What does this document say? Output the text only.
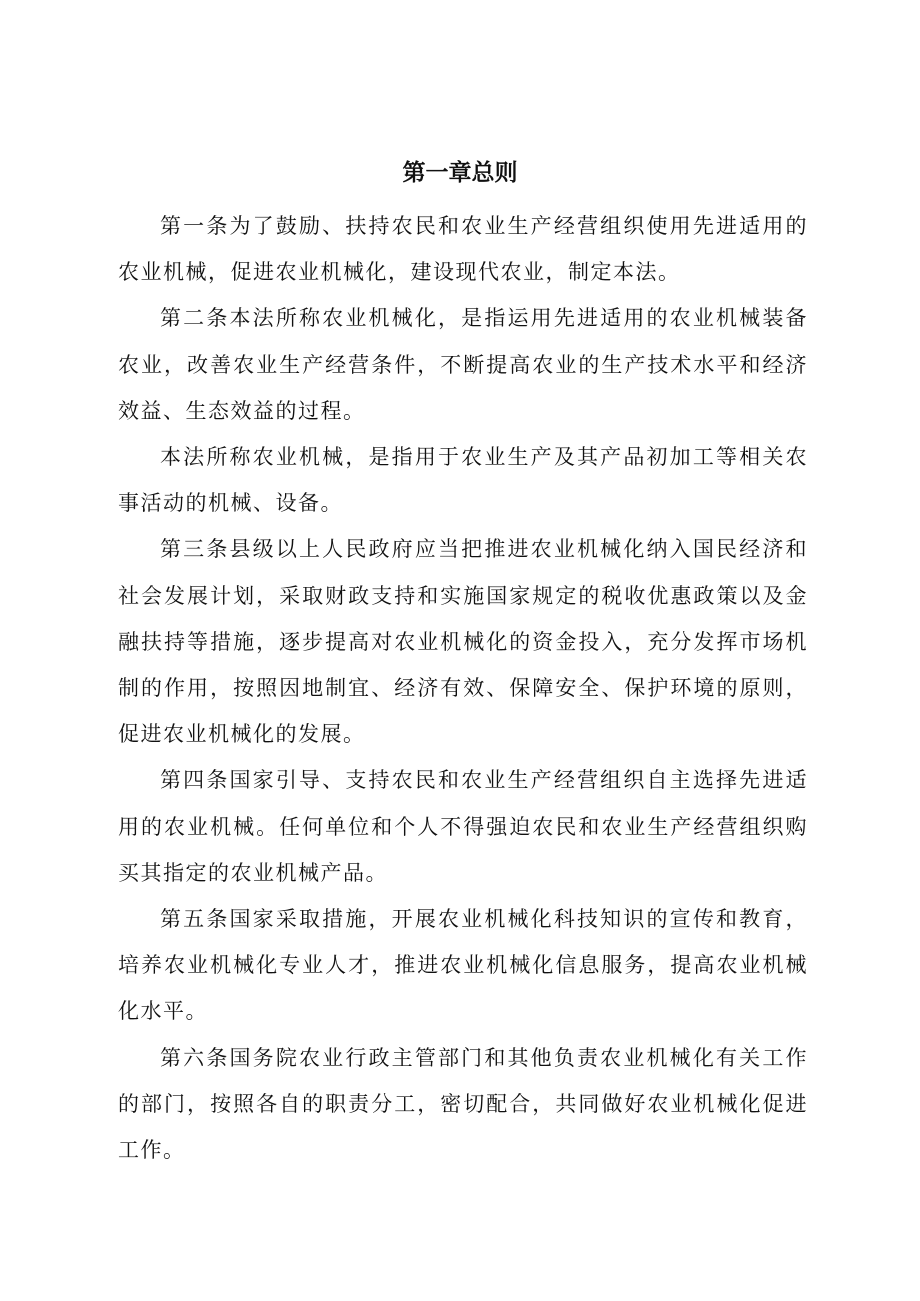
第一章总则

第一条为了鼓励、扶持农民和农业生产经营组织使用先进适用的农业机械，促进农业机械化，建设现代农业，制定本法。

第二条本法所称农业机械化，是指运用先进适用的农业机械装备农业，改善农业生产经营条件，不断提高农业的生产技术水平和经济效益、生态效益的过程。

本法所称农业机械，是指用于农业生产及其产品初加工等相关农事活动的机械、设备。

第三条县级以上人民政府应当把推进农业机械化纳入国民经济和社会发展计划，采取财政支持和实施国家规定的税收优惠政策以及金融扶持等措施，逐步提高对农业机械化的资金投入，充分发挥市场机制的作用，按照因地制宜、经济有效、保障安全、保护环境的原则，促进农业机械化的发展。

第四条国家引导、支持农民和农业生产经营组织自主选择先进适用的农业机械。任何单位和个人不得强迫农民和农业生产经营组织购买其指定的农业机械产品。

第五条国家采取措施，开展农业机械化科技知识的宣传和教育，培养农业机械化专业人才，推进农业机械化信息服务，提高农业机械化水平。

第六条国务院农业行政主管部门和其他负责农业机械化有关工作的部门，按照各自的职责分工，密切配合，共同做好农业机械化促进工作。
